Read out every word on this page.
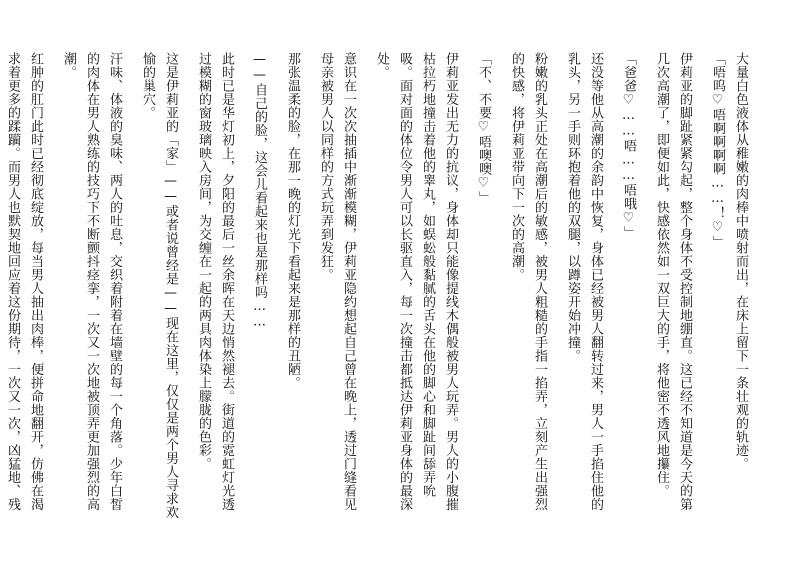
大量白色液体从稚嫩的肉棒中喷射而出，在床上留下一条壮观的轨迹。

「唔呜♡唔啊啊啊啊……！♡」

伊莉亚的脚趾紧紧勾起，整个身体不受控制地绷直。这已经不知道是今天的第几次高潮了，即便如此，快感依然如一双巨大的手，将他密不透风地攥住。

「爸爸♡……唔……唔哦♡」

还没等他从高潮的余韵中恢复，身体已经被男人翻转过来，男人一手掐住他的乳头，另一手则环抱着他的双腿，以蹲姿开始冲撞。

粉嫩的乳头正处在高潮后的敏感，被男人粗糙的手指一掐弄，立刻产生出强烈的快感，将伊莉亚带向下一次的高潮。

「不、不要♡唔噢噢♡」

伊莉亚发出无力的抗议，身体却只能像提线木偶般被男人玩弄。男人的小腹摧枯拉朽地撞击着他的睾丸，如蜈蚣般黏腻的舌头在他的脚心和脚趾间舔弄吮吸。面对面的体位令男人可以长驱直入，每一次撞击都抵达伊莉亚身体的最深处。

意识在一次次抽插中渐渐模糊，伊莉亚隐约想起自己曾在晚上，透过门缝看见母亲被男人以同样的方式玩弄到发狂。

那张温柔的脸，在那一晚的灯光下看起来是那样的丑陋。

——自己的脸，这会儿看起来也是那样吗……

此时已是华灯初上，夕阳的最后一丝余晖在天边悄然褪去。街道的霓虹灯光透过模糊的窗玻璃映入房间，为交缠在一起的两具肉体染上朦胧的色彩。

这是伊莉亚的「家」——或者说曾经是——现在这里，仅仅是两个男人寻求欢愉的巢穴。

汗味、体液的臭味、两人的吐息，交织着附着在墙壁的每一个角落。少年白皙的肉体在男人熟练的技巧下不断颤抖痉挛，一次又一次地被顶弄更加强烈的高潮。

红肿的肛门此时已经彻底绽放，每当男人抽出肉棒，便拼命地翻开，仿佛在渴求着更多的蹂躏。而男人也默契地回应着这份期待，一次又一次，凶猛地、残
